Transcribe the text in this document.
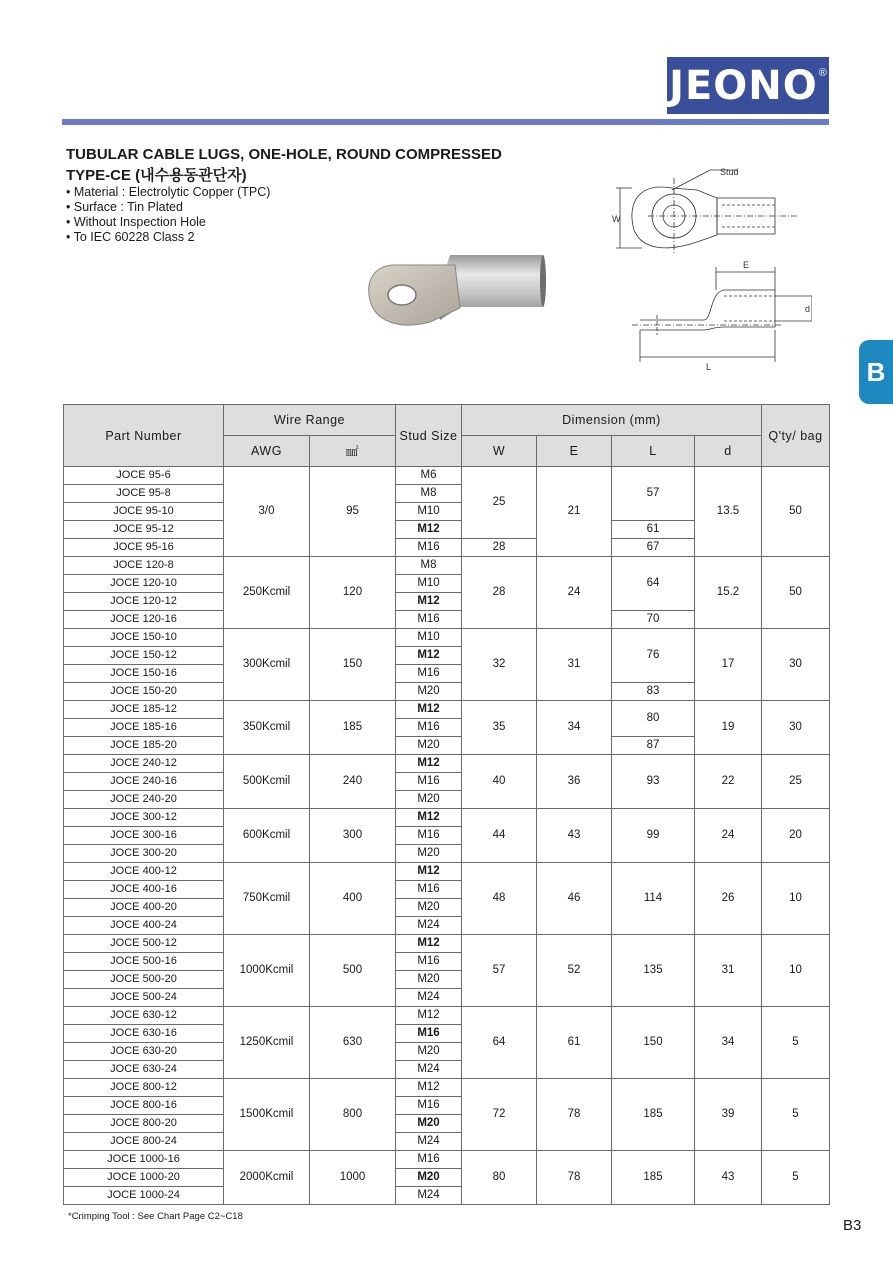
JEONO ®
TUBULAR CABLE LUGS, ONE-HOLE, ROUND COMPRESSED
TYPE-CE (내수용동관단자)
• Material : Electrolytic Copper (TPC)
• Surface : Tin Plated
• Without Inspection Hole
• To IEC 60228 Class 2
Stud
W
E
d
L	B
Part Number	Wire Range		Stud Size	Dimension (mm)				Q'ty/ bag
	AWG	㎟		W	E	L	d	
JOCE 95-6	3/0	95	M6	25	21	57	13.5	50
JOCE 95-8			M8					
JOCE 95-10			M10					
JOCE 95-12			M12			61		
JOCE 95-16			M16	28		67		
JOCE 120-8	250Kcmil	120	M8	28	24	64	15.2	50
JOCE 120-10			M10					
JOCE 120-12			M12					
JOCE 120-16			M16			70		
JOCE 150-10	300Kcmil	150	M10	32	31	76	17	30
JOCE 150-12			M12					
JOCE 150-16			M16					
JOCE 150-20			M20			83		
JOCE 185-12	350Kcmil	185	M12	35	34	80	19	30
JOCE 185-16			M16					
JOCE 185-20			M20			87		
JOCE 240-12	500Kcmil	240	M12	40	36	93	22	25
JOCE 240-16			M16					
JOCE 240-20			M20					
JOCE 300-12	600Kcmil	300	M12	44	43	99	24	20
JOCE 300-16			M16					
JOCE 300-20			M20					
JOCE 400-12	750Kcmil	400	M12	48	46	114	26	10
JOCE 400-16			M16					
JOCE 400-20			M20					
JOCE 400-24			M24					
JOCE 500-12	1000Kcmil	500	M12	57	52	135	31	10
JOCE 500-16			M16					
JOCE 500-20			M20					
JOCE 500-24			M24					
JOCE 630-12	1250Kcmil	630	M12	64	61	150	34	5
JOCE 630-16			M16					
JOCE 630-20			M20					
JOCE 630-24			M24					
JOCE 800-12	1500Kcmil	800	M12	72	78	185	39	5
JOCE 800-16			M16					
JOCE 800-20			M20					
JOCE 800-24			M24					
JOCE 1000-16	2000Kcmil	1000	M16	80	78	185	43	5
JOCE 1000-20			M20					
JOCE 1000-24			M24					
*Crimping Tool : See Chart Page C2~C18
B3
